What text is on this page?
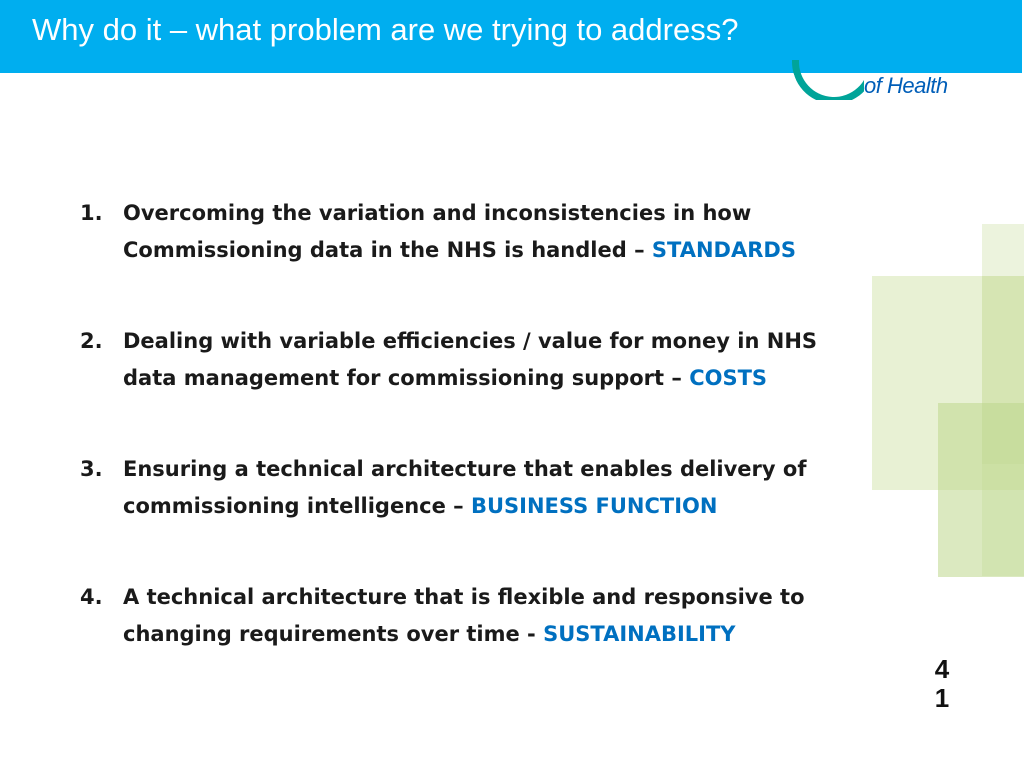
Why do it – what problem are we trying to address?
of Health
1. Overcoming the variation and inconsistencies in how
Commissioning data in the NHS is handled – STANDARDS
2. Dealing with variable efficiencies / value for money in NHS
data management for commissioning support – COSTS
3. Ensuring a technical architecture that enables delivery of
commissioning intelligence – BUSINESS FUNCTION
4. A technical architecture that is flexible and responsive to
changing requirements over time - SUSTAINABILITY
4
1
